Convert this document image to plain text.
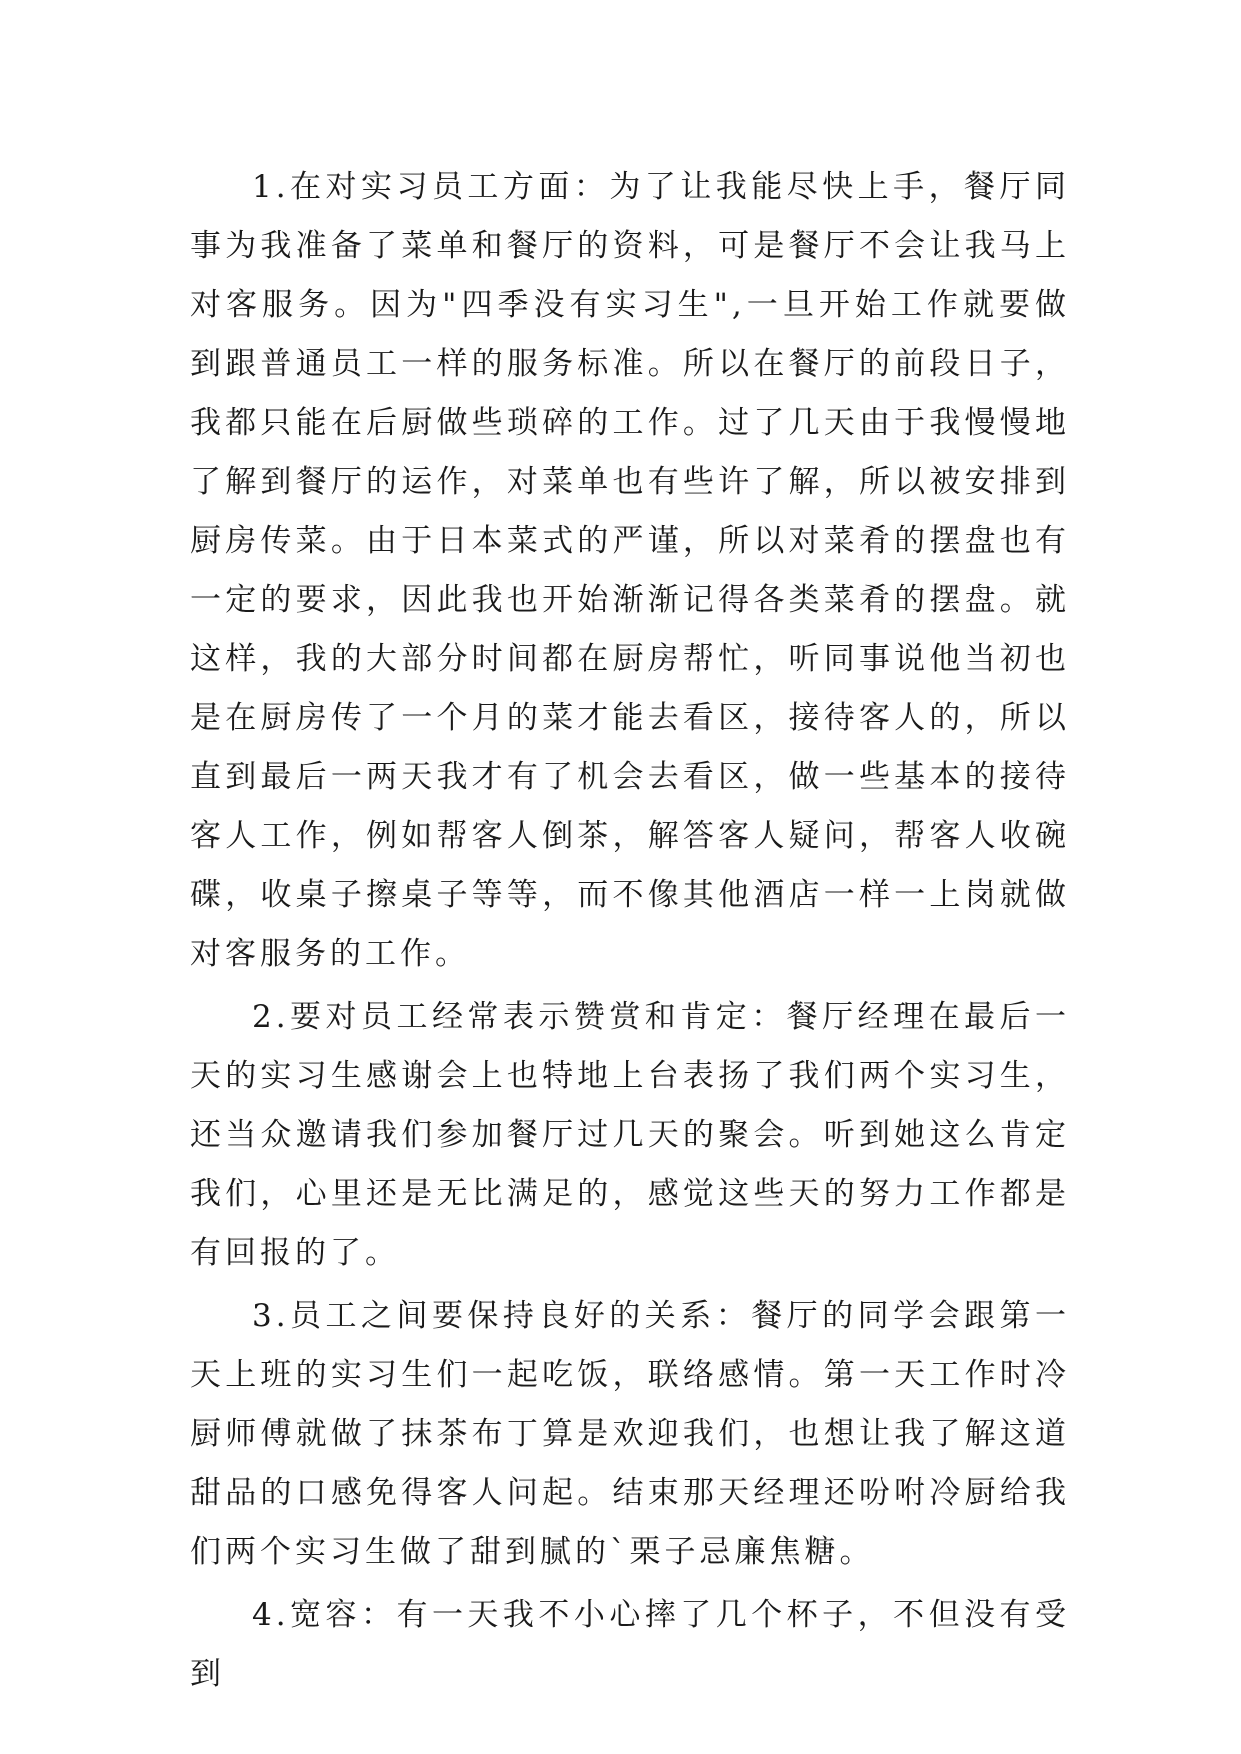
1.在对实习员工方面：为了让我能尽快上手，餐厅同事为我准备了菜单和餐厅的资料，可是餐厅不会让我马上对客服务。因为"四季没有实习生",一旦开始工作就要做到跟普通员工一样的服务标准。所以在餐厅的前段日子，我都只能在后厨做些琐碎的工作。过了几天由于我慢慢地了解到餐厅的运作，对菜单也有些许了解，所以被安排到厨房传菜。由于日本菜式的严谨，所以对菜肴的摆盘也有一定的要求，因此我也开始渐渐记得各类菜肴的摆盘。就这样，我的大部分时间都在厨房帮忙，听同事说他当初也是在厨房传了一个月的菜才能去看区，接待客人的，所以直到最后一两天我才有了机会去看区，做一些基本的接待客人工作，例如帮客人倒茶，解答客人疑问，帮客人收碗碟，收桌子擦桌子等等，而不像其他酒店一样一上岗就做对客服务的工作。

2.要对员工经常表示赞赏和肯定：餐厅经理在最后一天的实习生感谢会上也特地上台表扬了我们两个实习生，还当众邀请我们参加餐厅过几天的聚会。听到她这么肯定我们，心里还是无比满足的，感觉这些天的努力工作都是有回报的了。

3.员工之间要保持良好的关系：餐厅的同学会跟第一天上班的实习生们一起吃饭，联络感情。第一天工作时冷厨师傅就做了抹茶布丁算是欢迎我们，也想让我了解这道甜品的口感免得客人问起。结束那天经理还吩咐冷厨给我们两个实习生做了甜到腻的`栗子忌廉焦糖。

4.宽容：有一天我不小心摔了几个杯子，不但没有受到
